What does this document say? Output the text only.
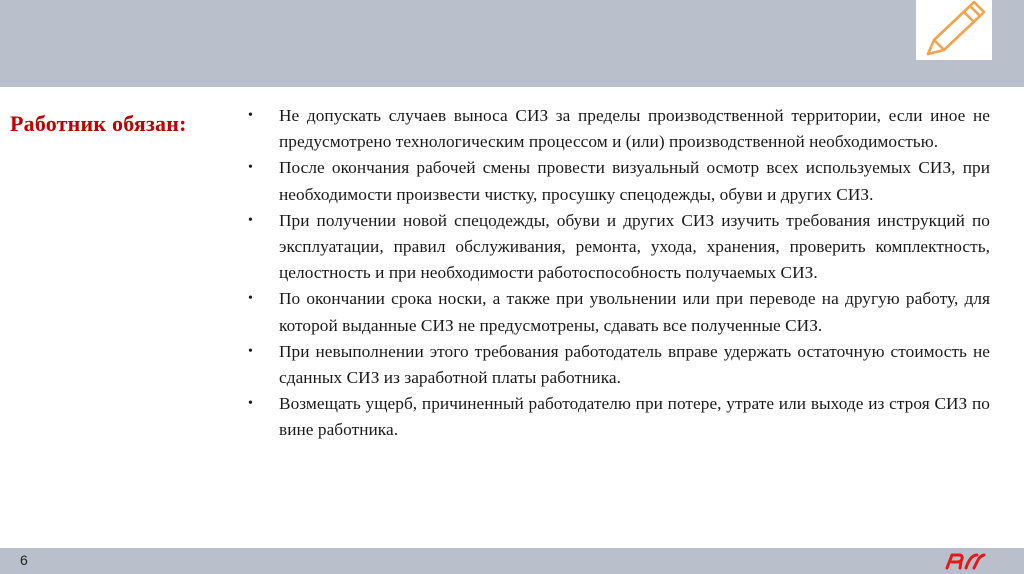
Работник обязан:	• Не допускать случаев выноса СИЗ за пределы производственной территории, если иное не предусмотрено технологическим процессом и (или) производственной необходимостью.
• После окончания рабочей смены провести визуальный осмотр всех используемых СИЗ, при необходимости произвести чистку, просушку спецодежды, обуви и других СИЗ.
• При получении новой спецодежды, обуви и других СИЗ изучить требования инструкций по эксплуатации, правил обслуживания, ремонта, ухода, хранения, проверить комплектность, целостность и при необходимости работоспособность получаемых СИЗ.
• По окончании срока носки, а также при увольнении или при переводе на другую работу, для которой выданные СИЗ не предусмотрены, сдавать все полученные СИЗ.
• При невыполнении этого требования работодатель вправе удержать остаточную стоимость не сданных СИЗ из заработной платы работника.
• Возмещать ущерб, причиненный работодателю при потере, утрате или выходе из строя СИЗ по вине работника.
6
